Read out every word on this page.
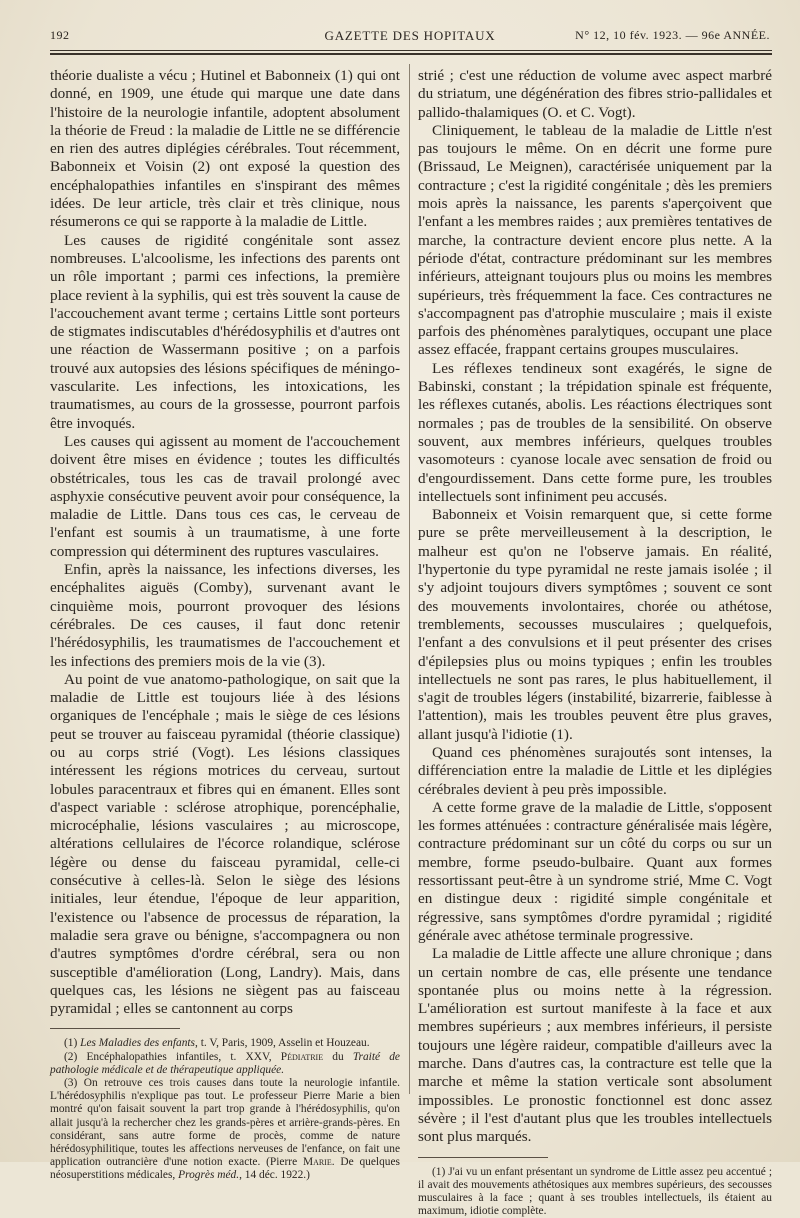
192	GAZETTE DES HOPITAUX	N° 12, 10 fév. 1923. — 96e ANNÉE.

théorie dualiste a vécu ; Hutinel et Babonneix (1) qui ont donné, en 1909, une étude qui marque une date dans l'histoire de la neurologie infantile, adoptent absolument la théorie de Freud : la maladie de Little ne se différencie en rien des autres diplégies cérébrales. Tout récemment, Babonneix et Voisin (2) ont exposé la question des encéphalopathies infantiles en s'inspirant des mêmes idées. De leur article, très clair et très clinique, nous résumerons ce qui se rapporte à la maladie de Little.

Les causes de rigidité congénitale sont assez nombreuses. L'alcoolisme, les infections des parents ont un rôle important ; parmi ces infections, la première place revient à la syphilis, qui est très souvent la cause de l'accouchement avant terme ; certains Little sont porteurs de stigmates indiscutables d'hérédosyphilis et d'autres ont une réaction de Wassermann positive ; on a parfois trouvé aux autopsies des lésions spécifiques de méningo-vascularite. Les infections, les intoxications, les traumatismes, au cours de la grossesse, pourront parfois être invoqués.

Les causes qui agissent au moment de l'accouchement doivent être mises en évidence ; toutes les difficultés obstétricales, tous les cas de travail prolongé avec asphyxie consécutive peuvent avoir pour conséquence, la maladie de Little. Dans tous ces cas, le cerveau de l'enfant est soumis à un traumatisme, à une forte compression qui déterminent des ruptures vasculaires.

Enfin, après la naissance, les infections diverses, les encéphalites aiguës (Comby), survenant avant le cinquième mois, pourront provoquer des lésions cérébrales. De ces causes, il faut donc retenir l'hérédosyphilis, les traumatismes de l'accouchement et les infections des premiers mois de la vie (3).

Au point de vue anatomo-pathologique, on sait que la maladie de Little est toujours liée à des lésions organiques de l'encéphale ; mais le siège de ces lésions peut se trouver au faisceau pyramidal (théorie classique) ou au corps strié (Vogt). Les lésions classiques intéressent les régions motrices du cerveau, surtout lobules paracentraux et fibres qui en émanent. Elles sont d'aspect variable : sclérose atrophique, porencéphalie, microcéphalie, lésions vasculaires ; au microscope, altérations cellulaires de l'écorce rolandique, sclérose légère ou dense du faisceau pyramidal, celle-ci consécutive à celles-là. Selon le siège des lésions initiales, leur étendue, l'époque de leur apparition, l'existence ou l'absence de processus de réparation, la maladie sera grave ou bénigne, s'accompagnera ou non d'autres symptômes d'ordre cérébral, sera ou non susceptible d'amélioration (Long, Landry). Mais, dans quelques cas, les lésions ne siègent pas au faisceau pyramidal ; elles se cantonnent au corps

(1) Les Maladies des enfants, t. V, Paris, 1909, Asselin et Houzeau.

(2) Encéphalopathies infantiles, t. XXV, Pédiatrie du Traité de pathologie médicale et de thérapeutique appliquée.

(3) On retrouve ces trois causes dans toute la neurologie infantile. L'hérédosyphilis n'explique pas tout. Le professeur Pierre Marie a bien montré qu'on faisait souvent la part trop grande à l'hérédosyphilis, qu'on allait jusqu'à la rechercher chez les grands-pères et arrière-grands-pères. En considérant, sans autre forme de procès, comme de nature hérédosyphilitique, toutes les affections nerveuses de l'enfance, on fait une application outrancière d'une notion exacte. (Pierre Marie. De quelques néosuperstitions médicales, Progrès méd., 14 déc. 1922.)

strié ; c'est une réduction de volume avec aspect marbré du striatum, une dégénération des fibres strio-pallidales et pallido-thalamiques (O. et C. Vogt).

Cliniquement, le tableau de la maladie de Little n'est pas toujours le même. On en décrit une forme pure (Brissaud, Le Meignen), caractérisée uniquement par la contracture ; c'est la rigidité congénitale ; dès les premiers mois après la naissance, les parents s'aperçoivent que l'enfant a les membres raides ; aux premières tentatives de marche, la contracture devient encore plus nette. A la période d'état, contracture prédominant sur les membres inférieurs, atteignant toujours plus ou moins les membres supérieurs, très fréquemment la face. Ces contractures ne s'accompagnent pas d'atrophie musculaire ; mais il existe parfois des phénomènes paralytiques, occupant une place assez effacée, frappant certains groupes musculaires.

Les réflexes tendineux sont exagérés, le signe de Babinski, constant ; la trépidation spinale est fréquente, les réflexes cutanés, abolis. Les réactions électriques sont normales ; pas de troubles de la sensibilité. On observe souvent, aux membres inférieurs, quelques troubles vasomoteurs : cyanose locale avec sensation de froid ou d'engourdissement. Dans cette forme pure, les troubles intellectuels sont infiniment peu accusés.

Babonneix et Voisin remarquent que, si cette forme pure se prête merveilleusement à la description, le malheur est qu'on ne l'observe jamais. En réalité, l'hypertonie du type pyramidal ne reste jamais isolée ; il s'y adjoint toujours divers symptômes ; souvent ce sont des mouvements involontaires, chorée ou athétose, tremblements, secousses musculaires ; quelquefois, l'enfant a des convulsions et il peut présenter des crises d'épilepsies plus ou moins typiques ; enfin les troubles intellectuels ne sont pas rares, le plus habituellement, il s'agit de troubles légers (instabilité, bizarrerie, faiblesse à l'attention), mais les troubles peuvent être plus graves, allant jusqu'à l'idiotie (1).

Quand ces phénomènes surajoutés sont intenses, la différenciation entre la maladie de Little et les diplégies cérébrales devient à peu près impossible.

A cette forme grave de la maladie de Little, s'opposent les formes atténuées : contracture généralisée mais légère, contracture prédominant sur un côté du corps ou sur un membre, forme pseudo-bulbaire. Quant aux formes ressortissant peut-être à un syndrome strié, Mme C. Vogt en distingue deux : rigidité simple congénitale et régressive, sans symptômes d'ordre pyramidal ; rigidité générale avec athétose terminale progressive.

La maladie de Little affecte une allure chronique ; dans un certain nombre de cas, elle présente une tendance spontanée plus ou moins nette à la régression. L'amélioration est surtout manifeste à la face et aux membres supérieurs ; aux membres inférieurs, il persiste toujours une légère raideur, compatible d'ailleurs avec la marche. Dans d'autres cas, la contracture est telle que la marche et même la station verticale sont absolument impossibles. Le pronostic fonctionnel est donc assez sévère ; il l'est d'autant plus que les troubles intellectuels sont plus marqués.

(1) J'ai vu un enfant présentant un syndrome de Little assez peu accentué ; il avait des mouvements athétosiques aux membres supérieurs, des secousses musculaires à la face ; quant à ses troubles intellectuels, ils étaient au maximum, idiotie complète.
